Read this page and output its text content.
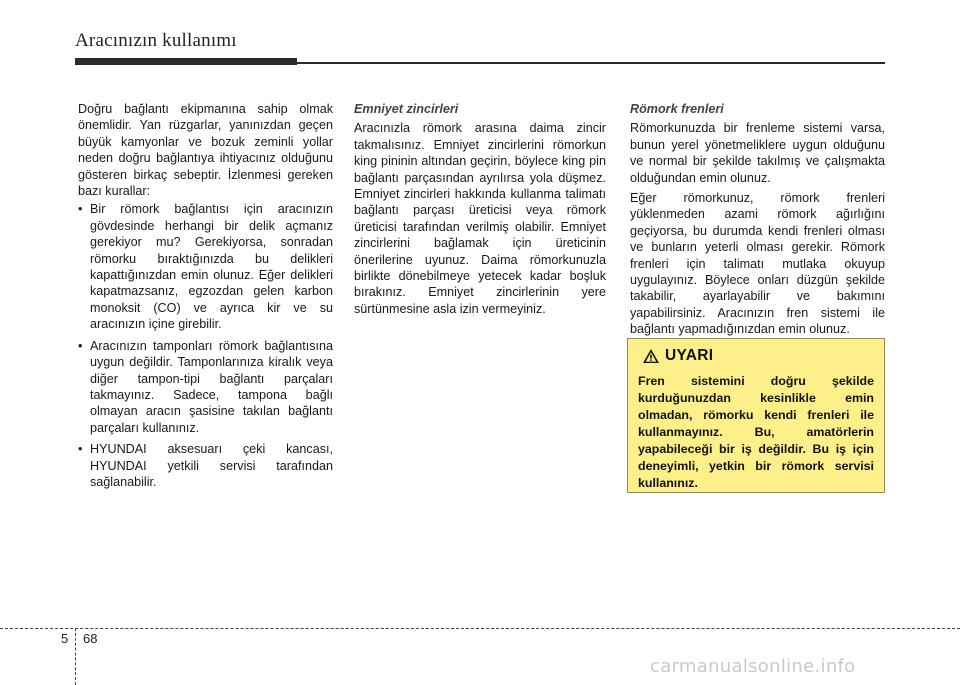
Aracınızın kullanımı

Doğru bağlantı ekipmanına sahip olmak önemlidir. Yan rüzgarlar, yanınızdan geçen büyük kamyonlar ve bozuk zeminli yollar neden doğru bağlantıya ihtiyacınız olduğunu gösteren birkaç sebeptir. İzlenmesi gereken bazı kurallar:

• Bir römork bağlantısı için aracınızın gövdesinde herhangi bir delik açmanız gerekiyor mu? Gerekiyorsa, sonradan römorku bıraktığınızda bu delikleri kapattığınızdan emin olunuz. Eğer delikleri kapatmazsanız, egzozdan gelen karbon monoksit (CO) ve ayrıca kir ve su aracınızın içine girebilir.
• Aracınızın tamponları römork bağlantısına uygun değildir. Tamponlarınıza kiralık veya diğer tampon-tipi bağlantı parçaları takmayınız. Sadece, tampona bağlı olmayan aracın şasisine takılan bağlantı parçaları kullanınız.
• HYUNDAI aksesuarı çeki kancası, HYUNDAI yetkili servisi tarafından sağlanabilir.
Emniyet zincirleri

Aracınızla römork arasına daima zincir takmalısınız. Emniyet zincirlerini römorkun king pininin altından geçirin, böylece king pin bağlantı parçasından ayrılırsa yola düşmez. Emniyet zincirleri hakkında kullanma talimatı bağlantı parçası üreticisi veya römork üreticisi tarafından verilmiş olabilir. Emniyet zincirlerini bağlamak için üreticinin önerilerine uyunuz. Daima römorkunuzla birlikte dönebilmeye yetecek kadar boşluk bırakınız. Emniyet zincirlerinin yere sürtünmesine asla izin vermeyiniz.

Römork frenleri

Römorkunuzda bir frenleme sistemi varsa, bunun yerel yönetmeliklere uygun olduğunu ve normal bir şekilde takılmış ve çalışmakta olduğundan emin olunuz.

Eğer römorkunuz, römork frenleri yüklenmeden azami römork ağırlığını geçiyorsa, bu durumda kendi frenleri olması ve bunların yeterli olması gerekir. Römork frenleri için talimatı mutlaka okuyup uygulayınız. Böylece onları düzgün şekilde takabilir, ayarlayabilir ve bakımını yapabilirsiniz. Aracınızın fren sistemi ile bağlantı yapmadığınızdan emin olunuz.

UYARI

Fren sistemini doğru şekilde kurduğunuzdan kesinlikle emin olmadan, römorku kendi frenleri ile kullanmayınız. Bu, amatörlerin yapabileceği bir iş değildir. Bu iş için deneyimli, yetkin bir römork servisi kullanınız.

5 68
carmanualsonline.info
